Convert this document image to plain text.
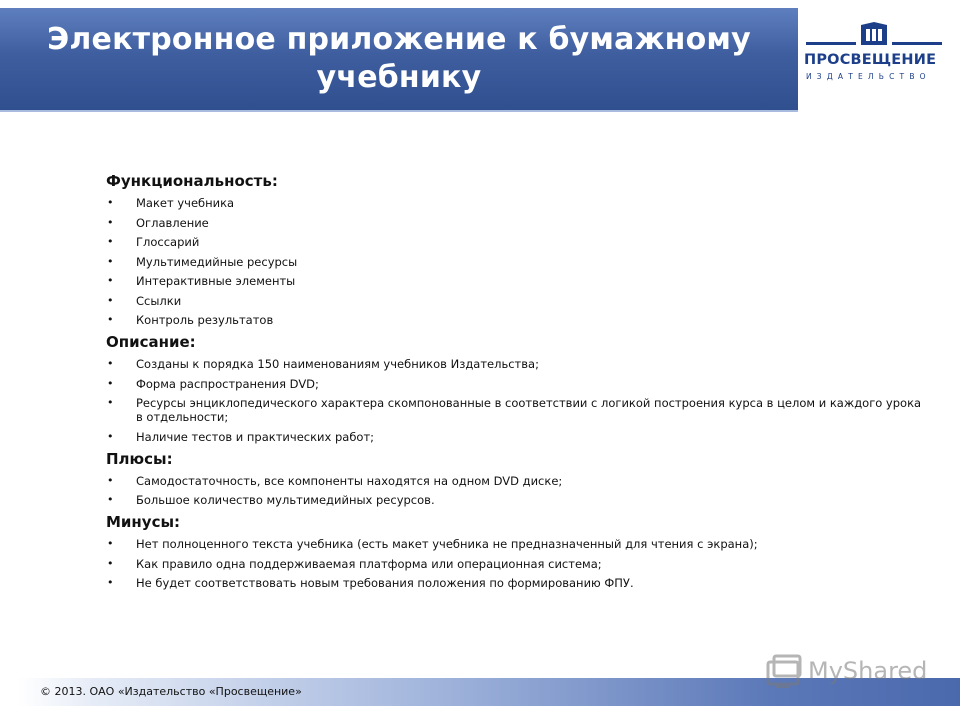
Электронное приложение к бумажному учебнику	ПРОСВЕЩЕНИЕ
ИЗДАТЕЛЬСТВО
Функциональность:
• Макет учебника
• Оглавление
• Глоссарий
• Мультимедийные ресурсы
• Интерактивные элементы
• Ссылки
• Контроль результатов
Описание:
• Созданы к порядка 150 наименованиям учебников Издательства;
• Форма распространения DVD;
• Ресурсы энциклопедического характера скомпонованные в соответствии с логикой построения курса в целом и каждого урока в отдельности;
• Наличие тестов и практических работ;
Плюсы:
• Самодостаточность, все компоненты находятся на одном DVD диске;
• Большое количество мультимедийных ресурсов.
Минусы:
• Нет полноценного текста учебника (есть макет учебника не предназначенный для чтения с экрана);
• Как правило одна поддерживаемая платформа или операционная система;
• Не будет соответствовать новым требования положения по формированию ФПУ.
© 2013. ОАО «Издательство «Просвещение»
MyShared
